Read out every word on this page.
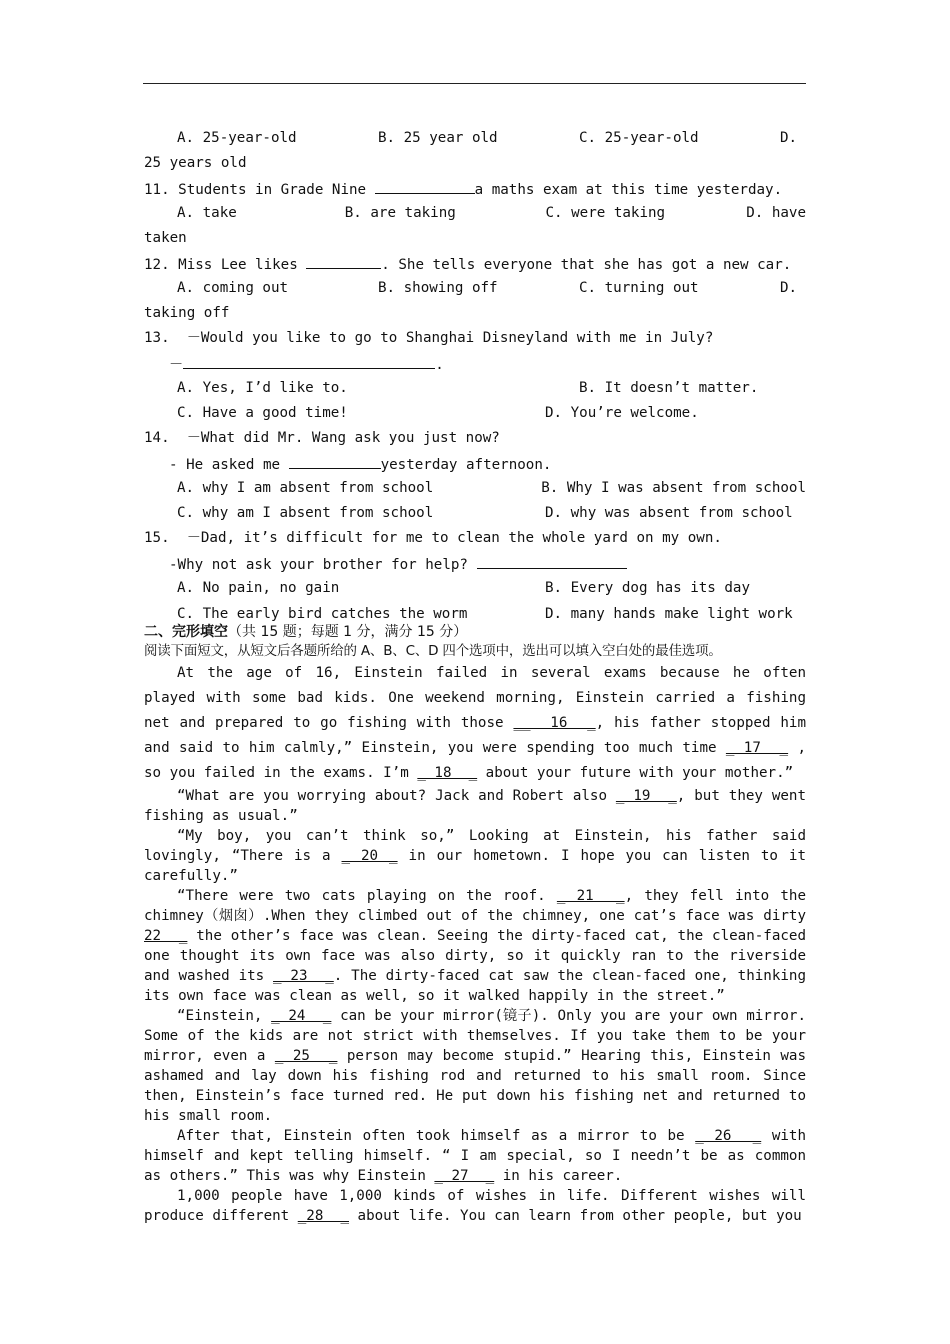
A. 25-year-old	B. 25 year old	C. 25-year-old	D.
25 years old
11. Students in Grade Nine	a maths exam at this time yesterday.
A. take	B. are taking	C. were taking	D. have
taken
12. Miss Lee likes	. She tells everyone that she has got a new car.
A. coming out	B. showing off	C. turning out	D.
taking off
13.  －Would you like to go to Shanghai Disneyland with me in July?
－	.
A. Yes, I’d like to.	B. It doesn’t matter.
C. Have a good time!	D. You’re welcome.
14.  －What did Mr. Wang ask you just now?
- He asked me	yesterday afternoon.
A. why I am absent from school	B. Why I was absent from school
C. why am I absent from school	D. why was absent from school
15.  －Dad, it’s difficult for me to clean the whole yard on my own.
-Why not ask your brother for help?
A. No pain, no gain	B. Every dog has its day
C. The early bird catches the worm	D. many hands make light work
二、完形填空（共 15 题；每题 1 分，满分 15 分）
阅读下面短文，从短文后各题所给的 A、B、C、D 四个选项中，选出可以填入空白处的最佳选项。

At the age of 16, Einstein failed in several exams because he often played with some bad kids. One weekend morning, Einstein carried a fishing net and prepared to go fishing with those __  16  _, his father stopped him and said to him calmly,” Einstein, you were spending too much time _ 17  _ , so you failed in the exams. I’m _ 18  _ about your future with your mother.”

“What are you worrying about? Jack and Robert also _ 19  _, but they went fishing as usual.”

“My boy, you can’t think so,” Looking at Einstein, his father said lovingly, “There is a _ 20 _ in our hometown. I hope you can listen to it carefully.”

“There were two cats playing on the roof. _ 21  _, they fell into the chimney（烟囱）.When they climbed out of the chimney, one cat’s face was dirty 22  _ the other’s face was clean. Seeing the dirty-faced cat, the clean-faced one thought its own face was also dirty, so it quickly ran to the riverside and washed its _ 23  _. The dirty-faced cat saw the clean-faced one, thinking its own face was clean as well, so it walked happily in the street.”

“Einstein, _ 24  _ can be your mirror(镜子). Only you are your own mirror. Some of the kids are not strict with themselves. If you take them to be your mirror, even a _ 25  _ person may become stupid.” Hearing this, Einstein was ashamed and lay down his fishing rod and returned to his small room. Since then, Einstein’s face turned red. He put down his fishing net and returned to his small room.

After that, Einstein often took himself as a mirror to be _ 26  _ with himself and kept telling himself. “ I am special, so I needn’t be as common as others.” This was why Einstein _ 27  _ in his career.

1,000 people have 1,000 kinds of wishes in life. Different wishes will produce different _28  _ about life. You can learn from other people, but you
